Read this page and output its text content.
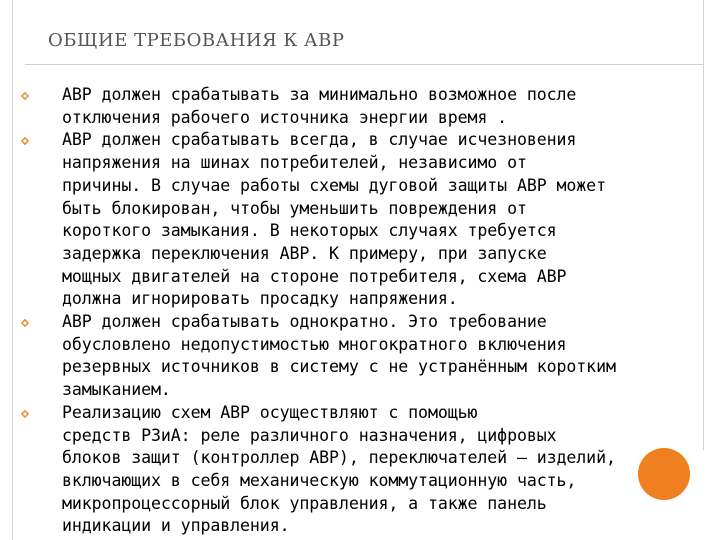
ОБЩИЕ ТРЕБОВАНИЯ К АВР
АВР должен срабатывать за минимально возможное после
отключения рабочего источника энергии время .
АВР должен срабатывать всегда, в случае исчезновения
напряжения на шинах потребителей, независимо от
причины. В случае работы схемы дуговой защиты АВР может
быть блокирован, чтобы уменьшить повреждения от
короткого замыкания. В некоторых случаях требуется
задержка переключения АВР. К примеру, при запуске
мощных двигателей на стороне потребителя, схема АВР
должна игнорировать просадку напряжения.
АВР должен срабатывать однократно. Это требование
обусловлено недопустимостью многократного включения
резервных источников в систему с не устранённым коротким
замыканием.
Реализацию схем АВР осуществляют с помощью
средств РЗиА: реле различного назначения, цифровых
блоков защит (контроллер АВР), переключателей — изделий,
включающих в себя механическую коммутационную часть,
микропроцессорный блок управления, а также панель
индикации и управления.
